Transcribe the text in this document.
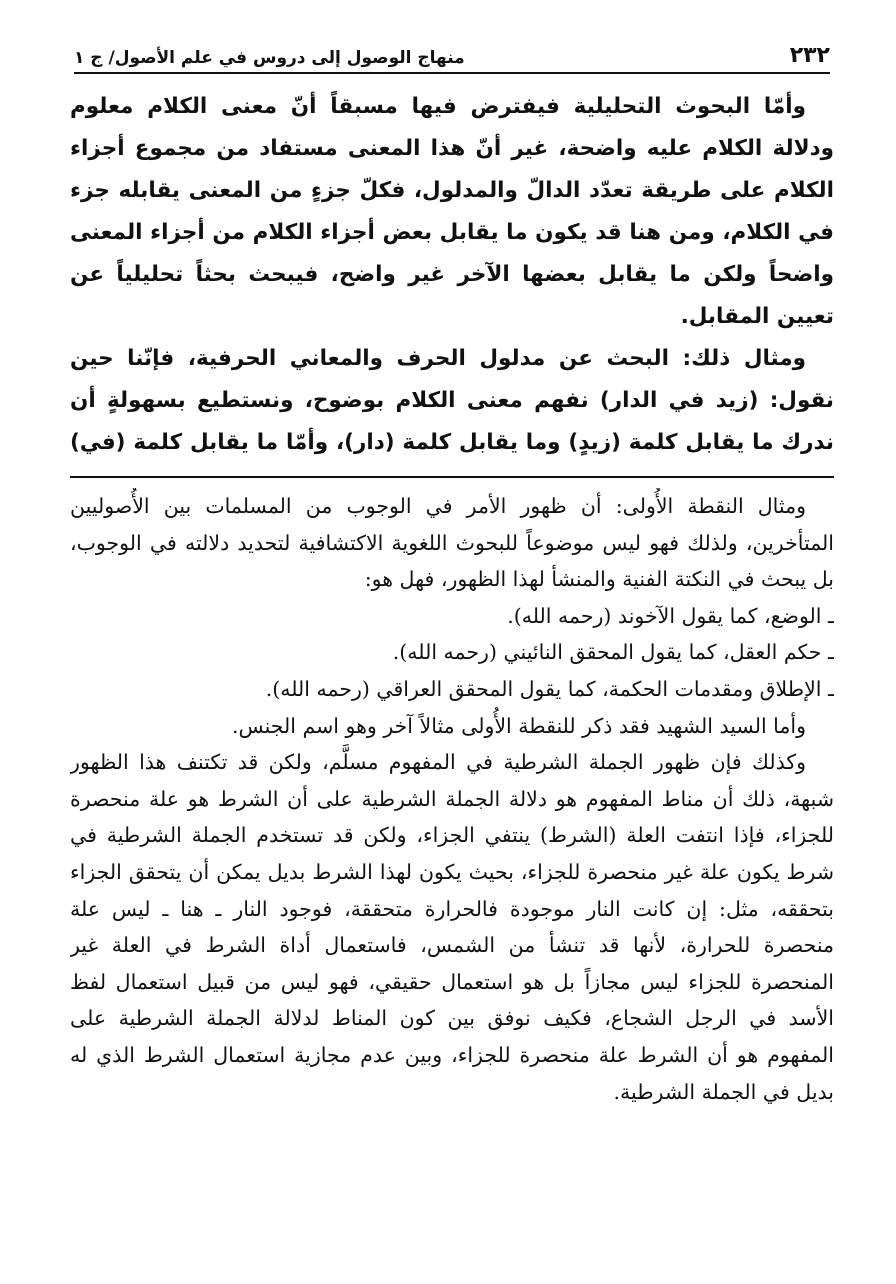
٢٣٢
منهاج الوصول إلى دروس في علم الأصول/ ج ١

وأمّا البحوث التحليلية فيفترض فيها مسبقاً أنّ معنى الكلام معلوم ودلالة الكلام عليه واضحة، غير أنّ هذا المعنى مستفاد من مجموع أجزاء الكلام على طريقة تعدّد الدالّ والمدلول، فكلّ جزءٍ من المعنى يقابله جزء في الكلام، ومن هنا قد يكون ما يقابل بعض أجزاء الكلام من أجزاء المعنى واضحاً ولكن ما يقابل بعضها الآخر غير واضح، فيبحث بحثاً تحليلياً عن تعيين المقابل.

ومثال ذلك: البحث عن مدلول الحرف والمعاني الحرفية، فإنّنا حين نقول: (زيد في الدار) نفهم معنى الكلام بوضوح، ونستطيع بسهولةٍ أن ندرك ما يقابل كلمة (زيدٍ) وما يقابل كلمة (دار)، وأمّا ما يقابل كلمة (في)

ومثال النقطة الأُولى: أن ظهور الأمر في الوجوب من المسلمات بين الأُصوليين المتأخرين، ولذلك فهو ليس موضوعاً للبحوث اللغوية الاكتشافية لتحديد دلالته في الوجوب، بل يبحث في النكتة الفنية والمنشأ لهذا الظهور، فهل هو:

ـ الوضع، كما يقول الآخوند (رحمه الله).

ـ حكم العقل، كما يقول المحقق النائيني (رحمه الله).

ـ الإطلاق ومقدمات الحكمة، كما يقول المحقق العراقي (رحمه الله).

وأما السيد الشهيد فقد ذكر للنقطة الأُولى مثالاً آخر وهو اسم الجنس.

وكذلك فإن ظهور الجملة الشرطية في المفهوم مسلَّم، ولكن قد تكتنف هذا الظهور شبهة، ذلك أن مناط المفهوم هو دلالة الجملة الشرطية على أن الشرط هو علة منحصرة للجزاء، فإذا انتفت العلة (الشرط) ينتفي الجزاء، ولكن قد تستخدم الجملة الشرطية في شرط يكون علة غير منحصرة للجزاء، بحيث يكون لهذا الشرط بديل يمكن أن يتحقق الجزاء بتحققه، مثل: إن كانت النار موجودة فالحرارة متحققة، فوجود النار ـ هنا ـ ليس علة منحصرة للحرارة، لأنها قد تنشأ من الشمس، فاستعمال أداة الشرط في العلة غير المنحصرة للجزاء ليس مجازاً بل هو استعمال حقيقي، فهو ليس من قبيل استعمال لفظ الأسد في الرجل الشجاع، فكيف نوفق بين كون المناط لدلالة الجملة الشرطية على المفهوم هو أن الشرط علة منحصرة للجزاء، وبين عدم مجازية استعمال الشرط الذي له بديل في الجملة الشرطية.
